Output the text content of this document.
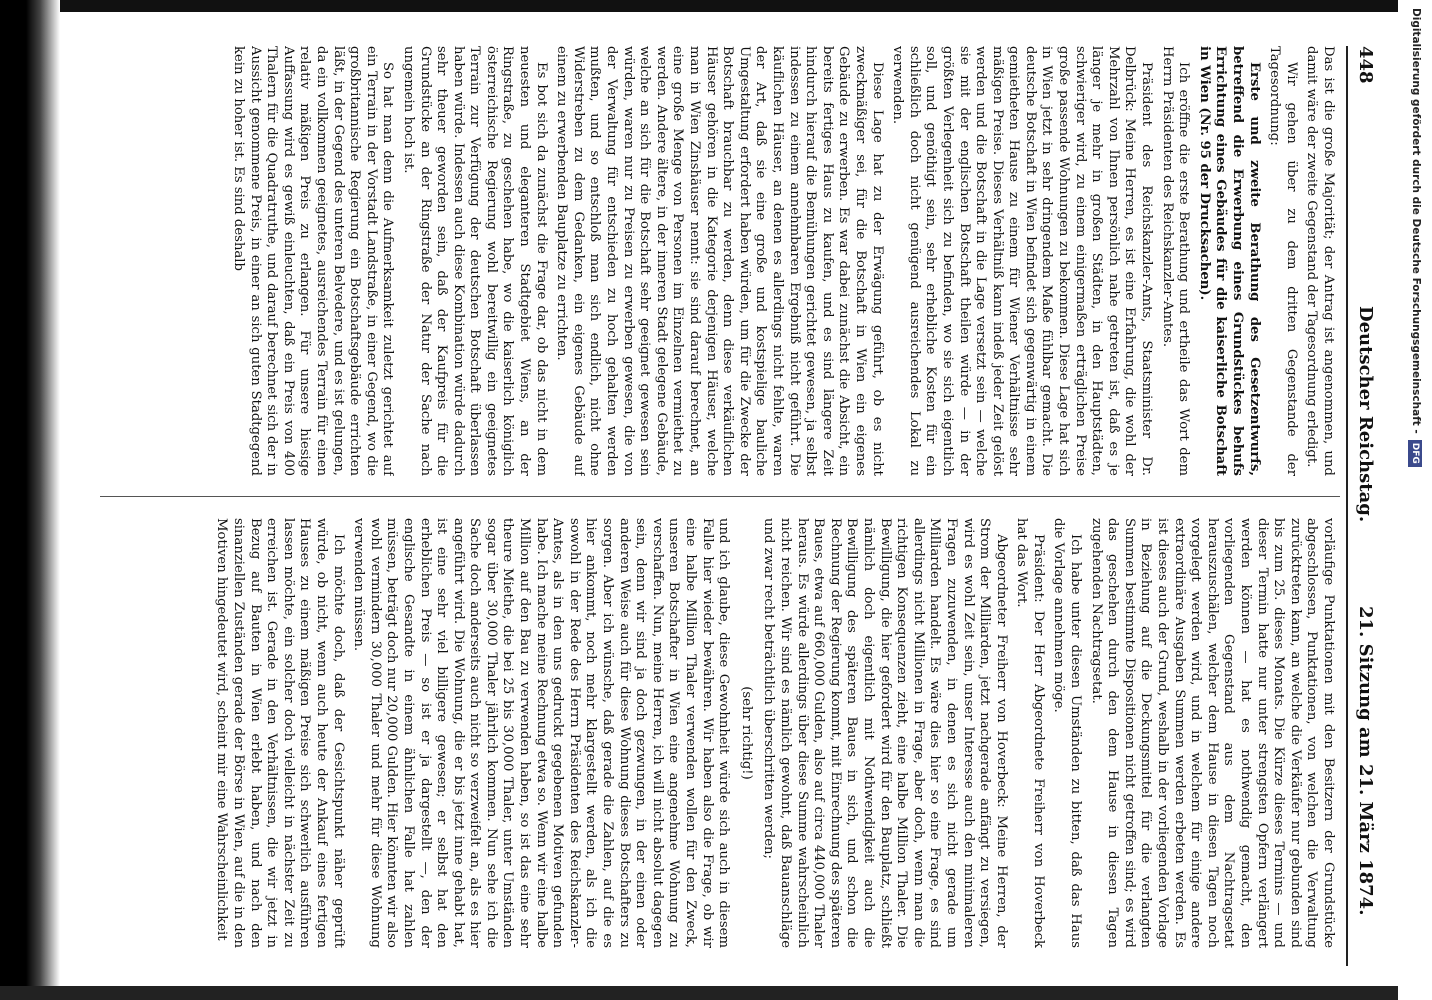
448
Deutscher Reichstag.
21. Sitzung am 21. März 1874.

Das ist die große Majorität; der Antrag ist angenommen, und damit wäre der zweite Gegenstand der Tagesordnung erledigt.

Wir gehen über zu dem dritten Gegenstande der Tagesordnung:

Erste und zweite Berathung des Gesetzentwurfs, betreffend die Erwerbung eines Grundstückes behufs Errichtung eines Gebäudes für die kaiserliche Botschaft in Wien (Nr. 95 der Drucksachen).

Ich eröffne die erste Berathung und ertheile das Wort dem Herrn Präsidenten des Reichskanzler-Amtes.

Präsident des Reichskanzler-Amts, Staatsminister Dr. Delbrück: Meine Herren, es ist eine Erfahrung, die wohl der Mehrzahl von Ihnen persönlich nahe getreten ist, daß es je länger je mehr in großen Städten, in den Hauptstädten, schwieriger wird, zu einem einigermaßen erträglichen Preise große passende Wohnungen zu bekommen. Diese Lage hat sich in Wien jetzt in sehr dringendem Maße fühlbar gemacht. Die deutsche Botschaft in Wien befindet sich gegenwärtig in einem gemietheten Hause zu einem für Wiener Verhältnisse sehr mäßigen Preise. Dieses Verhältniß kann indeß jeder Zeit gelöst werden und die Botschaft in die Lage versetzt sein — welche sie mit der englischen Botschaft theilen würde — in der größten Verlegenheit sich zu befinden, wo sie sich eigentlich soll, und genöthigt sein, sehr erhebliche Kosten für ein schließlich doch nicht genügend ausreichendes Lokal zu verwenden.

Diese Lage hat zu der Erwägung geführt, ob es nicht zweckmäßiger sei, für die Botschaft in Wien ein eigenes Gebäude zu erwerben. Es war dabei zunächst die Absicht, ein bereits fertiges Haus zu kaufen, und es sind längere Zeit hindurch hierauf die Bemühungen gerichtet gewesen, ja selbst indessen zu einem annehmbaren Ergebniß nicht geführt. Die käuflichen Häuser, an denen es allerdings nicht fehlte, waren der Art, daß sie eine große und kostspielige bauliche Umgestaltung erfordert haben würden, um für die Zwecke der Botschaft brauchbar zu werden, denn diese verkäuflichen Häuser gehören in die Kategorie derjenigen Häuser, welche man in Wien Zinshäuser nennt: sie sind darauf berechnet, an eine große Menge von Personen im Einzelnen vermiethet zu werden. Andere ältere, in der inneren Stadt gelegene Gebäude, welche an sich für die Botschaft sehr geeignet gewesen sein würden, waren nur zu Preisen zu erwerben gewesen, die von der Verwaltung für entschieden zu hoch gehalten werden mußten, und so entschloß man sich endlich, nicht ohne Widerstreben zu dem Gedanken, ein eigenes Gebäude auf einem zu erwerbenden Bauplatze zu errichten.

Es bot sich da zunächst die Frage dar, ob das nicht in dem neuesten und eleganteren Stadtgebiet Wiens, an der Ringstraße, zu geschehen habe, wo die kaiserlich königlich österreichische Regierung wohl bereitwillig ein geeignetes Terrain zur Verfügung der deutschen Botschaft überlassen haben würde. Indessen auch diese Kombination würde dadurch sehr theuer geworden sein, daß der Kaufpreis für die Grundstücke an der Ringstraße der Natur der Sache nach ungemein hoch ist.

So hat man denn die Aufmerksamkeit zuletzt gerichtet auf ein Terrain in der Vorstadt Landstraße, in einer Gegend, wo die großbritannische Regierung ein Botschaftsgebäude errichten läßt, in der Gegend des unteren Belvedere, und es ist gelungen, da ein vollkommen geeignetes, ausreichendes Terrain für einen relativ mäßigen Preis zu erlangen. Für unsere hiesige Auffassung wird es gewiß einleuchten, daß ein Preis von 400 Thalern für die Quadratruthe, und darauf berechnet sich der in Aussicht genommene Preis, in einer an sich guten Stadtgegend kein zu hoher ist. Es sind deshalb

vorläufige Punktationen mit den Besitzern der Grundstücke abgeschlossen, Punktationen, von welchen die Verwaltung zurücktreten kann, an welche die Verkäufer nur gebunden sind bis zum 25. dieses Monats. Die Kürze dieses Termins — und dieser Termin hatte nur unter strengsten Opfern verlängert werden können — hat es nothwendig gemacht, den vorliegenden Gegenstand aus dem Nachtragsetat herauszuschälen, welcher dem Hause in diesen Tagen noch vorgelegt werden wird, und in welchem für einige andere extraordinäre Ausgaben Summen werden erbeten werden. Es ist dieses auch der Grund, weshalb in der vorliegenden Vorlage in Beziehung auf die Deckungsmittel für die verlangten Summen bestimmte Dispositionen nicht getroffen sind; es wird das geschehen durch den dem Hause in diesen Tagen zugehenden Nachtragsetat.

Ich habe unter diesen Umständen zu bitten, daß das Haus die Vorlage annehmen möge.

Präsident: Der Herr Abgeordnete Freiherr von Hoverbeck hat das Wort.

Abgeordneter Freiherr von Hoverbeck: Meine Herren, der Strom der Milliarden, jetzt nachgerade anfängt zu versiegen, wird es wohl Zeit sein, unser Interesse auch den minimaleren Fragen zuzuwenden, in denen es sich nicht gerade um Milliarden handelt. Es wäre dies hier so eine Frage, es sind allerdings nicht Millionen in Frage, aber doch, wenn man die richtigen Konsequenzen zieht, eine halbe Million Thaler. Die Bewilligung, die hier gefordert wird für den Bauplatz, schließt nämlich doch eigentlich mit Nothwendigkeit auch die Bewilligung des späteren Baues in sich, und schon die Rechnung der Regierung kommt, mit Einrechnung des späteren Baues, etwa auf 660,000 Gulden, also auf circa 440,000 Thaler heraus. Es würde allerdings über diese Summe wahrscheinlich nicht reichen. Wir sind es nämlich gewohnt, daß Bauanschläge und zwar recht beträchtlich überschritten werden;

(sehr richtig!)

und ich glaube, diese Gewohnheit würde sich auch in diesem Falle hier wieder bewähren. Wir haben also die Frage, ob wir eine halbe Million Thaler verwenden wollen für den Zweck, unseren Botschafter in Wien eine angenehme Wohnung zu verschaffen. Nun, meine Herren, ich will nicht absolut dagegen sein, denn wir sind ja doch gezwungen, in der einen oder anderen Weise auch für diese Wohnung dieses Botschafters zu sorgen. Aber ich wünsche, daß gerade die Zahlen, auf die es hier ankommt, noch mehr klargestellt werden, als ich die sowohl in der Rede des Herrn Präsidenten des Reichskanzler-Amtes, als in den uns gedruckt gegebenen Motiven gefunden habe. Ich mache meine Rechnung etwa so. Wenn wir eine halbe Million auf den Bau zu verwenden haben, so ist das eine sehr theure Miethe, die bei 25 bis 30,000 Thaler, unter Umständen sogar über 30,000 Thaler jährlich kommen. Nun sehe ich die Sache doch anderseits auch nicht so verzweifelt an, als es hier angeführt wird. Die Wohnung, die er bis jetzt inne gehabt hat, ist eine sehr viel billigere gewesen; er selbst hat den erheblichen Preis — so ist er ja dargestellt —, den der englische Gesandte in einem ähnlichen Falle hat zahlen müssen, beträgt doch nur 20,000 Gulden. Hier könnten wir also wohl vermindern 30,000 Thaler und mehr für diese Wohnung verwenden müssen.

Ich möchte doch, daß der Gesichtspunkt näher geprüft würde, ob nicht, wenn auch heute der Ankauf eines fertigen Hauses zu einem mäßigen Preise sich schwerlich ausführen lassen möchte, ein solcher doch vielleicht in nächster Zeit zu erreichen ist. Gerade in den Verhältnissen, die wir jetzt in Bezug auf Bauten in Wien erlebt haben, und nach den sinanziellen Zuständen gerade der Börse in Wien, auf die in den Motiven hingedeutet wird, scheint mir eine Wahrscheinlichkeit

Digitalisierung gefördert durch die Deutsche Forschungsgemeinschaft -DFG
